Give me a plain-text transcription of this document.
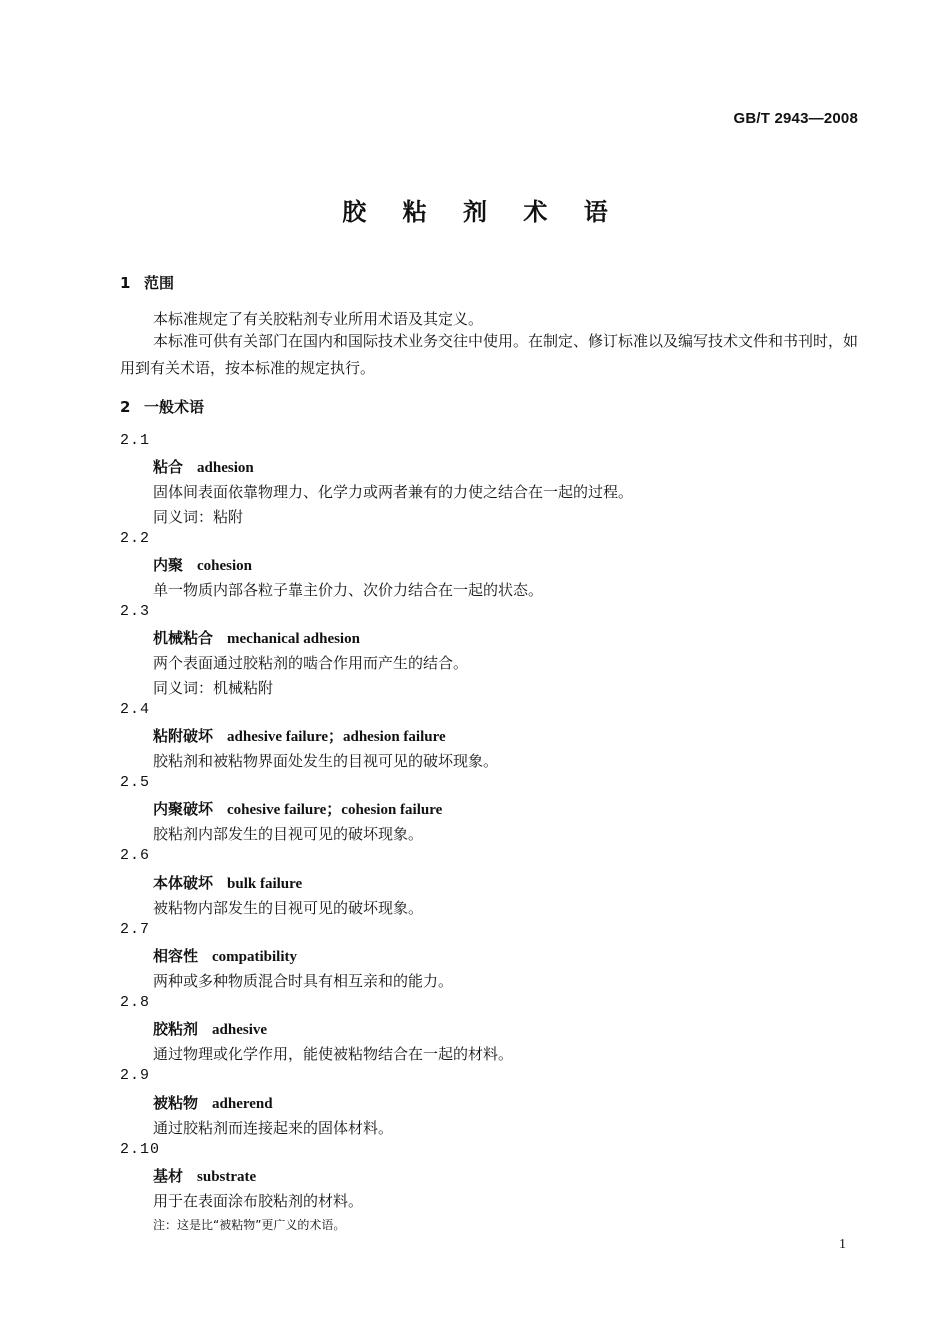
GB/T 2943—2008
胶 粘 剂 术 语
1 范围
本标准规定了有关胶粘剂专业所用术语及其定义。
本标准可供有关部门在国内和国际技术业务交往中使用。在制定、修订标准以及编写技术文件和书刊时，如用到有关术语，按本标准的规定执行。
2 一般术语
2.1
粘合 adhesion
固体间表面依靠物理力、化学力或两者兼有的力使之结合在一起的过程。
同义词：粘附
2.2
内聚 cohesion
单一物质内部各粒子靠主价力、次价力结合在一起的状态。
2.3
机械粘合 mechanical adhesion
两个表面通过胶粘剂的啮合作用而产生的结合。
同义词：机械粘附
2.4
粘附破坏 adhesive failure；adhesion failure
胶粘剂和被粘物界面处发生的目视可见的破坏现象。
2.5
内聚破坏 cohesive failure；cohesion failure
胶粘剂内部发生的目视可见的破坏现象。
2.6
本体破坏 bulk failure
被粘物内部发生的目视可见的破坏现象。
2.7
相容性 compatibility
两种或多种物质混合时具有相互亲和的能力。
2.8
胶粘剂 adhesive
通过物理或化学作用，能使被粘物结合在一起的材料。
2.9
被粘物 adherend
通过胶粘剂而连接起来的固体材料。
2.10
基材 substrate
用于在表面涂布胶粘剂的材料。
注：这是比“被粘物”更广义的术语。
1
